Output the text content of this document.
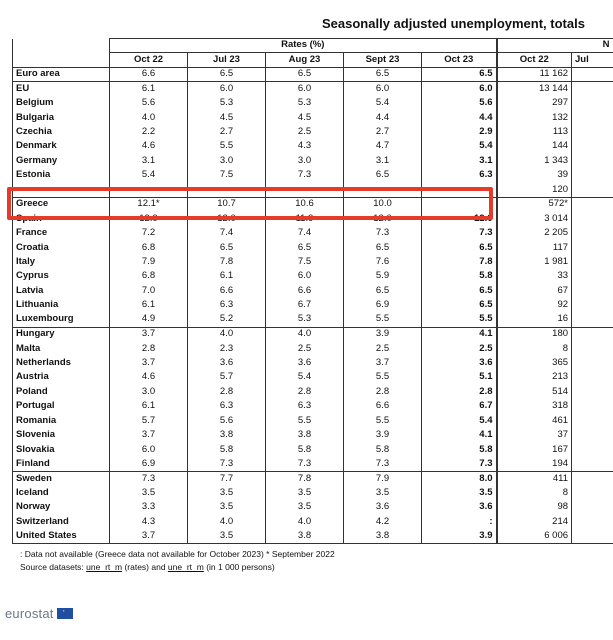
Seasonally adjusted unemployment, totals
	Rates (%)					N	
	Oct 22	Jul 23	Aug 23	Sept 23	Oct 23	Oct 22	Jul
Euro area	6.6	6.5	6.5	6.5	6.5	11 162	
EU	6.1	6.0	6.0	6.0	6.0	13 144	
Belgium	5.6	5.3	5.3	5.4	5.6	297	
Bulgaria	4.0	4.5	4.5	4.4	4.4	132	
Czechia	2.2	2.7	2.5	2.7	2.9	113	
Denmark	4.6	5.5	4.3	4.7	5.4	144	
Germany	3.1	3.0	3.0	3.1	3.1	1 343	
Estonia	5.4	7.5	7.3	6.5	6.3	39	
						120	
Greece	12.1*	10.7	10.6	10.0	:	572*	
Spain	12.9	12.0	11.9	12.0	12.0	3 014	
France	7.2	7.4	7.4	7.3	7.3	2 205	
Croatia	6.8	6.5	6.5	6.5	6.5	117	
Italy	7.9	7.8	7.5	7.6	7.8	1 981	
Cyprus	6.8	6.1	6.0	5.9	5.8	33	
Latvia	7.0	6.6	6.6	6.5	6.5	67	
Lithuania	6.1	6.3	6.7	6.9	6.5	92	
Luxembourg	4.9	5.2	5.3	5.5	5.5	16	
Hungary	3.7	4.0	4.0	3.9	4.1	180	
Malta	2.8	2.3	2.5	2.5	2.5	8	
Netherlands	3.7	3.6	3.6	3.7	3.6	365	
Austria	4.6	5.7	5.4	5.5	5.1	213	
Poland	3.0	2.8	2.8	2.8	2.8	514	
Portugal	6.1	6.3	6.3	6.6	6.7	318	
Romania	5.7	5.6	5.5	5.5	5.4	461	
Slovenia	3.7	3.8	3.8	3.9	4.1	37	
Slovakia	6.0	5.8	5.8	5.8	5.8	167	
Finland	6.9	7.3	7.3	7.3	7.3	194	
Sweden	7.3	7.7	7.8	7.9	8.0	411	
Iceland	3.5	3.5	3.5	3.5	3.5	8	
Norway	3.3	3.5	3.5	3.6	3.6	98	
Switzerland	4.3	4.0	4.0	4.2	:	214	
United States	3.7	3.5	3.8	3.8	3.9	6 006	
: Data not available (Greece data not available for October 2023) * September 2022
Source datasets: une_rt_m (rates) and une_rt_m (in 1 000 persons)
eurostat
·
